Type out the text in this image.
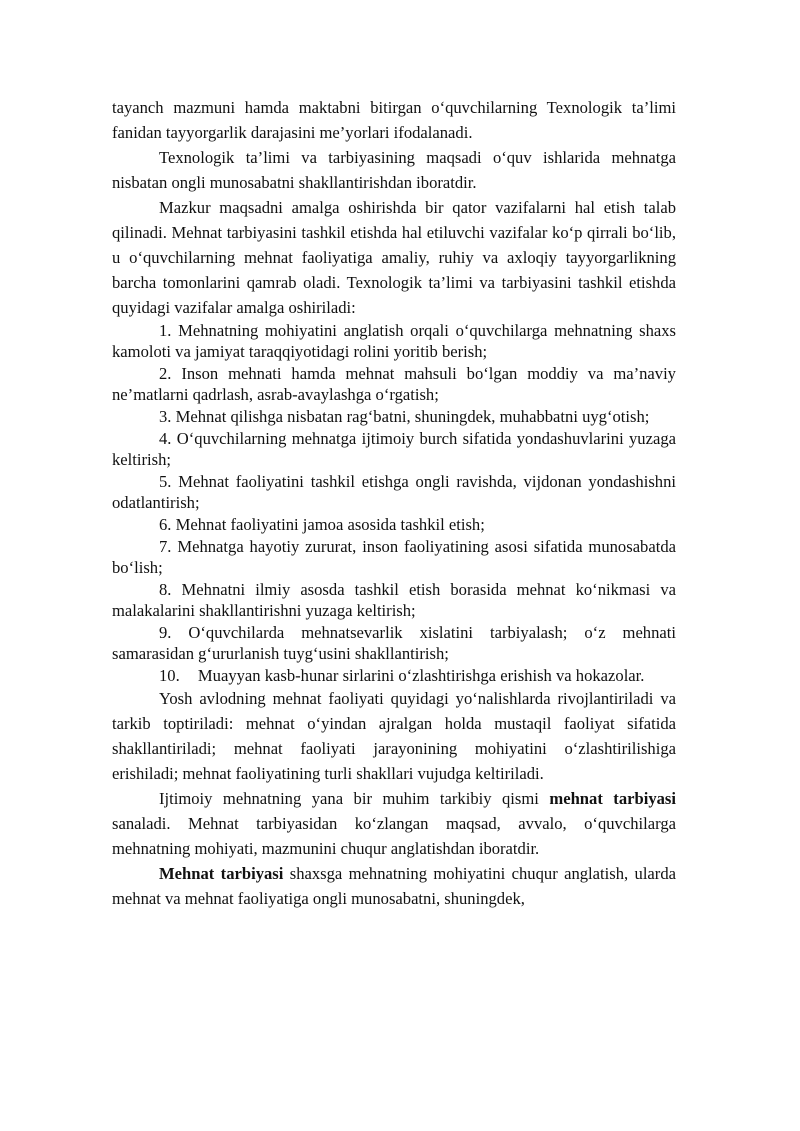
tayanch mazmuni hamda maktabni bitirgan o‘quvchilarning Texnologik ta’limi fanidan tayyorgarlik darajasini me’yorlari ifodalanadi.

Texnologik ta’limi va tarbiyasining maqsadi o‘quv ishlarida mehnatga nisbatan ongli munosabatni shakllantirishdan iboratdir.

Mazkur maqsadni amalga oshirishda bir qator vazifalarni hal etish talab qilinadi. Mehnat tarbiyasini tashkil etishda hal etiluvchi vazifalar ko‘p qirrali bo‘lib, u o‘quvchilarning mehnat faoliyatiga amaliy, ruhiy va axloqiy tayyorgarlikning barcha tomonlarini qamrab oladi. Texnologik ta’limi va tarbiyasini tashkil etishda quyidagi vazifalar amalga oshiriladi:

1. Mehnatning mohiyatini anglatish orqali o‘quvchilarga mehnatning shaxs kamoloti va jamiyat taraqqiyotidagi rolini yoritib berish;

2. Inson mehnati hamda mehnat mahsuli bo‘lgan moddiy va ma’naviy ne’matlarni qadrlash, asrab-avaylashga o‘rgatish;

3. Mehnat qilishga nisbatan rag‘batni, shuningdek, muhabbatni uyg‘otish;

4. O‘quvchilarning mehnatga ijtimoiy burch sifatida yondashuvlarini yuzaga keltirish;

5. Mehnat faoliyatini tashkil etishga ongli ravishda, vijdonan yondashishni odatlantirish;

6. Mehnat faoliyatini jamoa asosida tashkil etish;

7. Mehnatga hayotiy zururat, inson faoliyatining asosi sifatida munosabatda bo‘lish;

8. Mehnatni ilmiy asosda tashkil etish borasida mehnat ko‘nikmasi va malakalarini shakllantirishni yuzaga keltirish;

9. O‘quvchilarda mehnatsevarlik xislatini tarbiyalash; o‘z mehnati samarasidan g‘ururlanish tuyg‘usini shakllantirish;

10. Muayyan kasb-hunar sirlarini o‘zlashtirishga erishish va hokazolar.

Yosh avlodning mehnat faoliyati quyidagi yo‘nalishlarda rivojlantiriladi va tarkib toptiriladi: mehnat o‘yindan ajralgan holda mustaqil faoliyat sifatida shakllantiriladi; mehnat faoliyati jarayonining mohiyatini o‘zlashtirilishiga erishiladi; mehnat faoliyatining turli shakllari vujudga keltiriladi.

Ijtimoiy mehnatning yana bir muhim tarkibiy qismi mehnat tarbiyasi sanaladi. Mehnat tarbiyasidan ko‘zlangan maqsad, avvalo, o‘quvchilarga mehnatning mohiyati, mazmunini chuqur anglatishdan iboratdir.

Mehnat tarbiyasi shaxsga mehnatning mohiyatini chuqur anglatish, ularda mehnat va mehnat faoliyatiga ongli munosabatni, shuningdek,
